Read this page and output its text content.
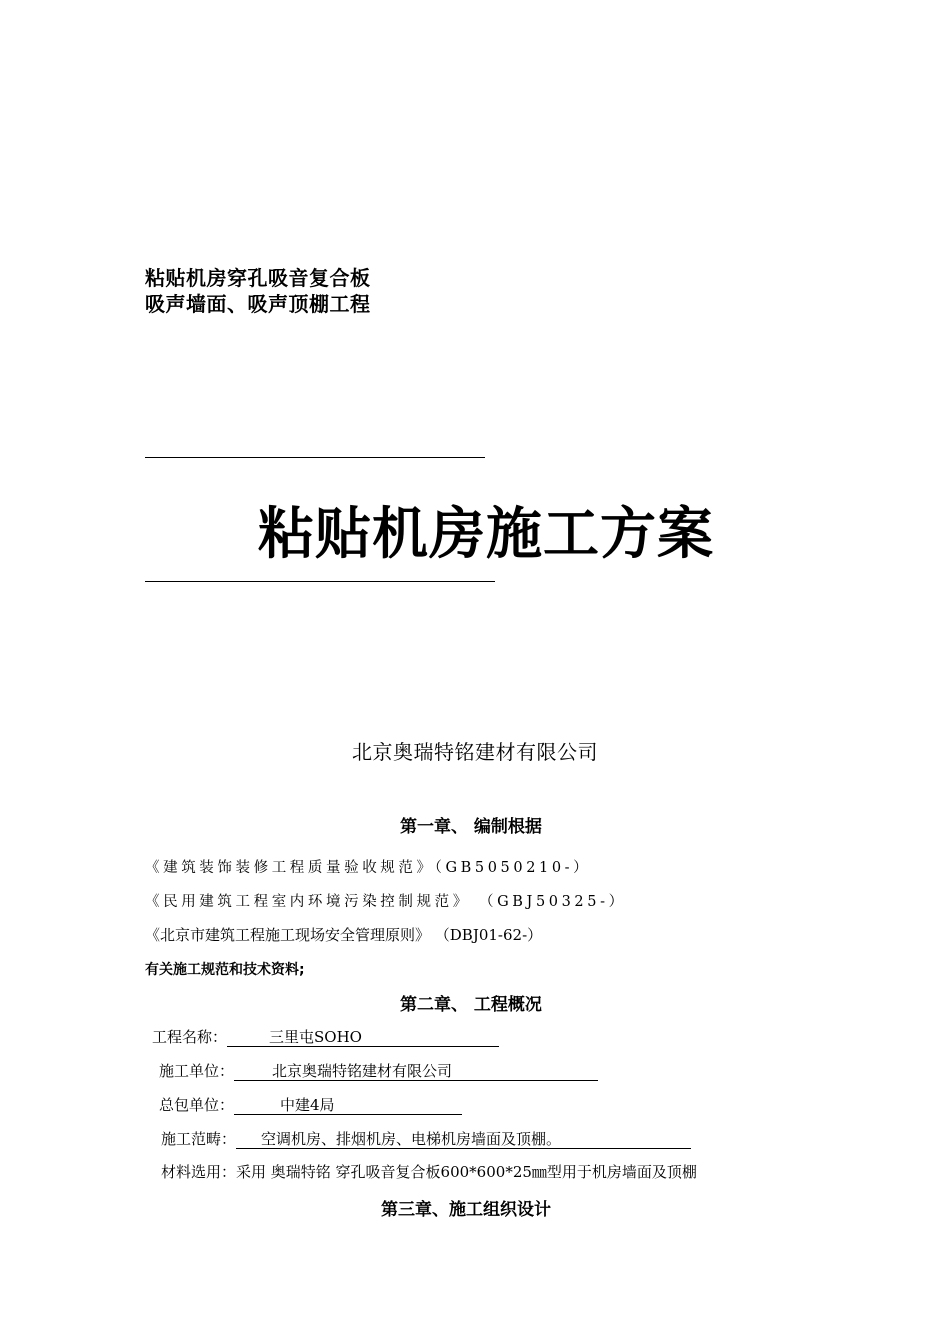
粘贴机房穿孔吸音复合板
吸声墙面、吸声顶棚工程
粘贴机房施工方案
北京奥瑞特铭建材有限公司
第一章、 编制根据
《建筑装饰装修工程质量验收规范》（GB5050210-）
《民用建筑工程室内环境污染控制规范》 （GBJ50325-）
《北京市建筑工程施工现场安全管理原则》 （DBJ01-62-）
有关施工规范和技术资料;
第二章、 工程概况
工程名称：	三里屯SOHO
施工单位：	北京奥瑞特铭建材有限公司
总包单位：	中建4局
施工范畴： 空调机房、排烟机房、电梯机房墙面及顶棚。
材料选用：采用 奥瑞特铭 穿孔吸音复合板600*600*25㎜型用于机房墙面及顶棚
第三章、施工组织设计
